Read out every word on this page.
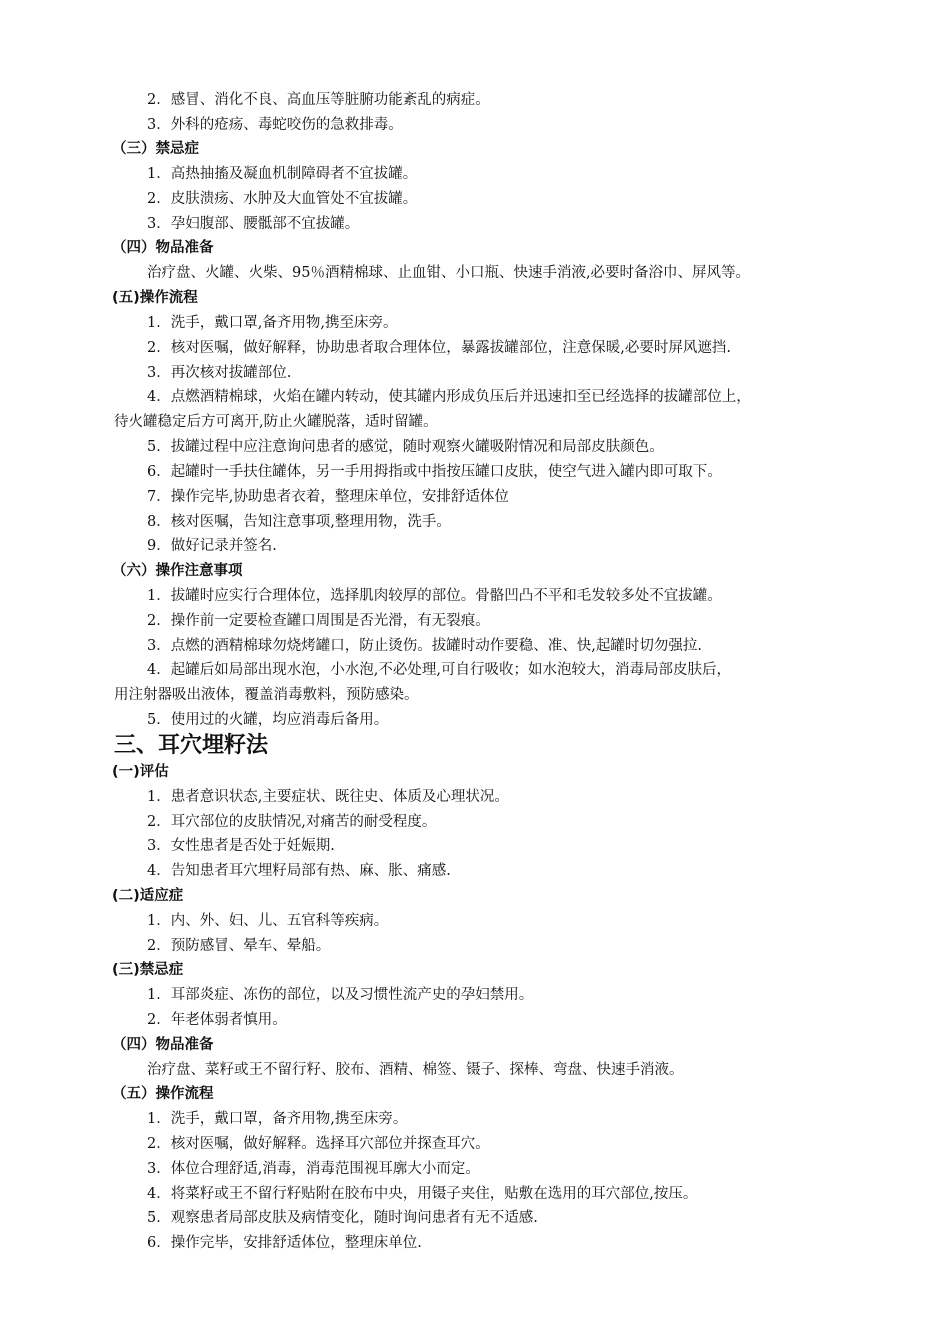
2．感冒、消化不良、高血压等脏腑功能紊乱的病症。
3．外科的疮疡、毒蛇咬伤的急救排毒。
（三）禁忌症
1．高热抽搐及凝血机制障碍者不宜拔罐。
2．皮肤溃疡、水肿及大血管处不宜拔罐。
3．孕妇腹部、腰骶部不宜拔罐。
（四）物品准备
治疗盘、火罐、火柴、95％酒精棉球、止血钳、小口瓶、快速手消液,必要时备浴巾、屏风等。
(五)操作流程
1．洗手，戴口罩,备齐用物,携至床旁。
2．核对医嘱，做好解释，协助患者取合理体位，暴露拔罐部位，注意保暖,必要时屏风遮挡.
3．再次核对拔罐部位.
4．点燃酒精棉球，火焰在罐内转动，使其罐内形成负压后并迅速扣至已经选择的拔罐部位上，
待火罐稳定后方可离开,防止火罐脱落，适时留罐。
5．拔罐过程中应注意询问患者的感觉，随时观察火罐吸附情况和局部皮肤颜色。
6．起罐时一手扶住罐体，另一手用拇指或中指按压罐口皮肤，使空气进入罐内即可取下。
7．操作完毕,协助患者衣着，整理床单位，安排舒适体位
8．核对医嘱，告知注意事项,整理用物，洗手。
9．做好记录并签名.
（六）操作注意事项
1．拔罐时应实行合理体位，选择肌肉较厚的部位。骨骼凹凸不平和毛发较多处不宜拔罐。
2．操作前一定要检查罐口周围是否光滑，有无裂痕。
3．点燃的酒精棉球勿烧烤罐口，防止烫伤。拔罐时动作要稳、准、快,起罐时切勿强拉.
4．起罐后如局部出现水泡，小水泡,不必处理,可自行吸收；如水泡较大，消毒局部皮肤后，
用注射器吸出液体，覆盖消毒敷料，预防感染。
5．使用过的火罐，均应消毒后备用。
三、耳穴埋籽法
(一)评估
1．患者意识状态,主要症状、既往史、体质及心理状况。
2．耳穴部位的皮肤情况,对痛苦的耐受程度。
3．女性患者是否处于妊娠期.
4．告知患者耳穴埋籽局部有热、麻、胀、痛感.
(二)适应症
1．内、外、妇、儿、五官科等疾病。
2．预防感冒、晕车、晕船。
(三)禁忌症
1．耳部炎症、冻伤的部位，以及习惯性流产史的孕妇禁用。
2．年老体弱者慎用。
（四）物品准备
治疗盘、菜籽或王不留行籽、胶布、酒精、棉签、镊子、探棒、弯盘、快速手消液。
（五）操作流程
1．洗手，戴口罩，备齐用物,携至床旁。
2．核对医嘱，做好解释。选择耳穴部位并探查耳穴。
3．体位合理舒适,消毒，消毒范围视耳廓大小而定。
4．将菜籽或王不留行籽贴附在胶布中央，用镊子夹住，贴敷在选用的耳穴部位,按压。
5．观察患者局部皮肤及病情变化，随时询问患者有无不适感.
6．操作完毕，安排舒适体位，整理床单位.
